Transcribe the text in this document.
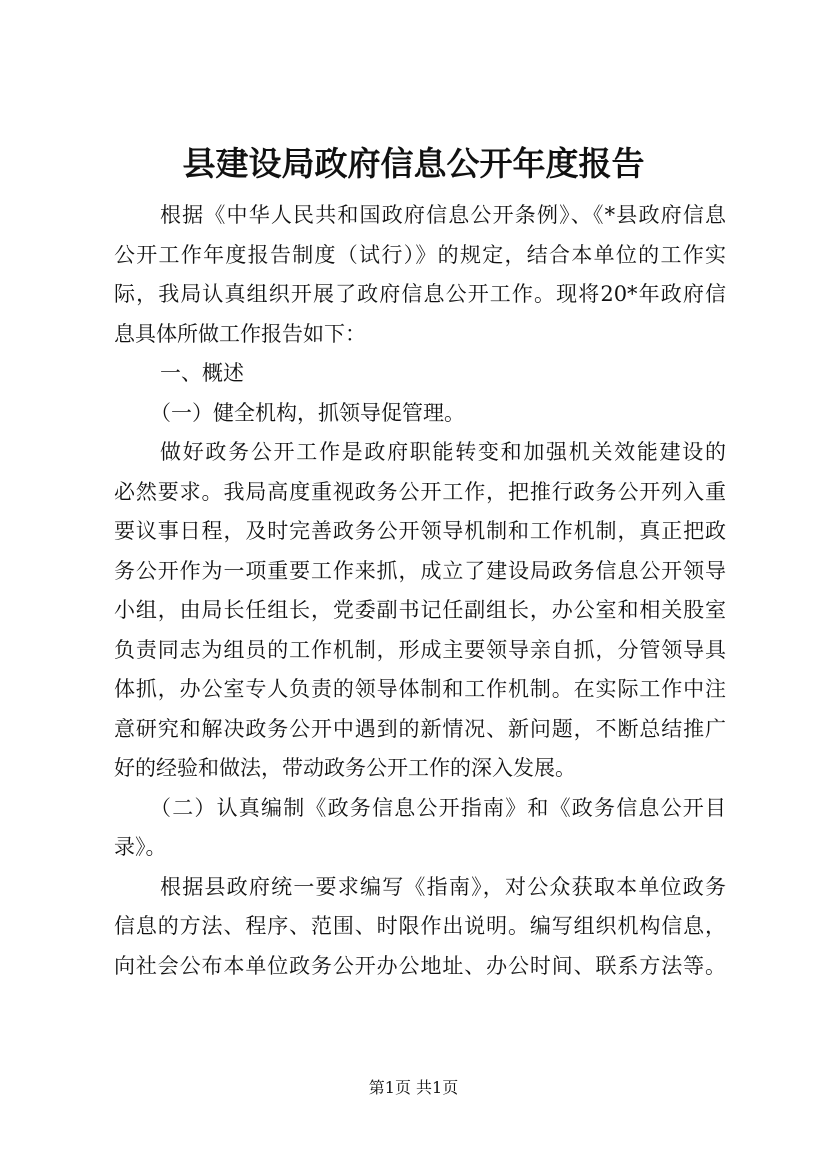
县建设局政府信息公开年度报告
根据《中华人民共和国政府信息公开条例》、《*县政府信息
公开工作年度报告制度（试行）》的规定，结合本单位的工作实
际，我局认真组织开展了政府信息公开工作。现将20*年政府信
息具体所做工作报告如下：
一、概述
（一）健全机构，抓领导促管理。
做好政务公开工作是政府职能转变和加强机关效能建设的
必然要求。我局高度重视政务公开工作，把推行政务公开列入重
要议事日程，及时完善政务公开领导机制和工作机制，真正把政
务公开作为一项重要工作来抓，成立了建设局政务信息公开领导
小组，由局长任组长，党委副书记任副组长，办公室和相关股室
负责同志为组员的工作机制，形成主要领导亲自抓，分管领导具
体抓，办公室专人负责的领导体制和工作机制。在实际工作中注
意研究和解决政务公开中遇到的新情况、新问题，不断总结推广
好的经验和做法，带动政务公开工作的深入发展。
（二）认真编制《政务信息公开指南》和《政务信息公开目
录》。
根据县政府统一要求编写《指南》，对公众获取本单位政务
信息的方法、程序、范围、时限作出说明。编写组织机构信息，
向社会公布本单位政务公开办公地址、办公时间、联系方法等。
第1页 共1页
